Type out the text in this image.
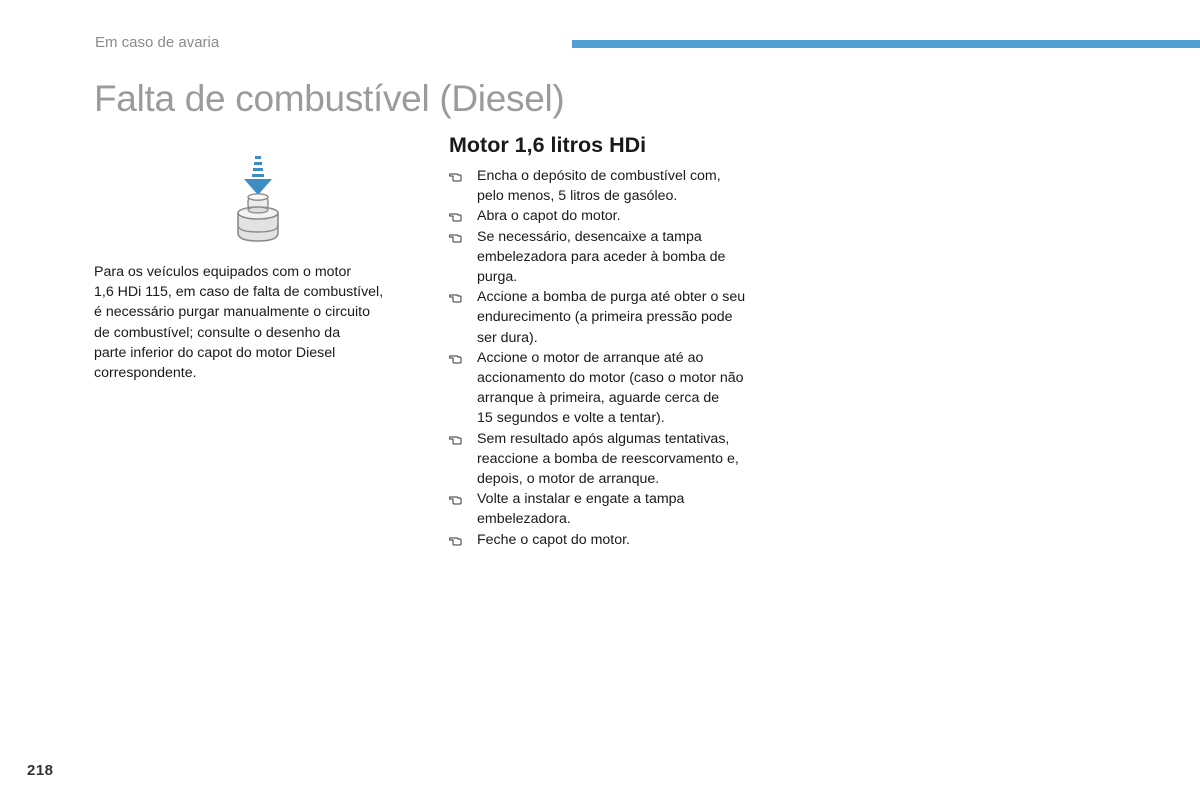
Em caso de avaria
Falta de combustível (Diesel)

Para os veículos equipados com o motor
1,6 HDi 115, em caso de falta de combustível,
é necessário purgar manualmente o circuito
de combustível; consulte o desenho da
parte inferior do capot do motor Diesel
correspondente.

Motor 1,6 litros HDi
Encha o depósito de combustível com,
pelo menos, 5 litros de gasóleo.
Abra o capot do motor.
Se necessário, desencaixe a tampa
embelezadora para aceder à bomba de
purga.
Accione a bomba de purga até obter o seu
endurecimento (a primeira pressão pode
ser dura).
Accione o motor de arranque até ao
accionamento do motor (caso o motor não
arranque à primeira, aguarde cerca de
15 segundos e volte a tentar).
Sem resultado após algumas tentativas,
reaccione a bomba de reescorvamento e,
depois, o motor de arranque.
Volte a instalar e engate a tampa
embelezadora.
Feche o capot do motor.
218
